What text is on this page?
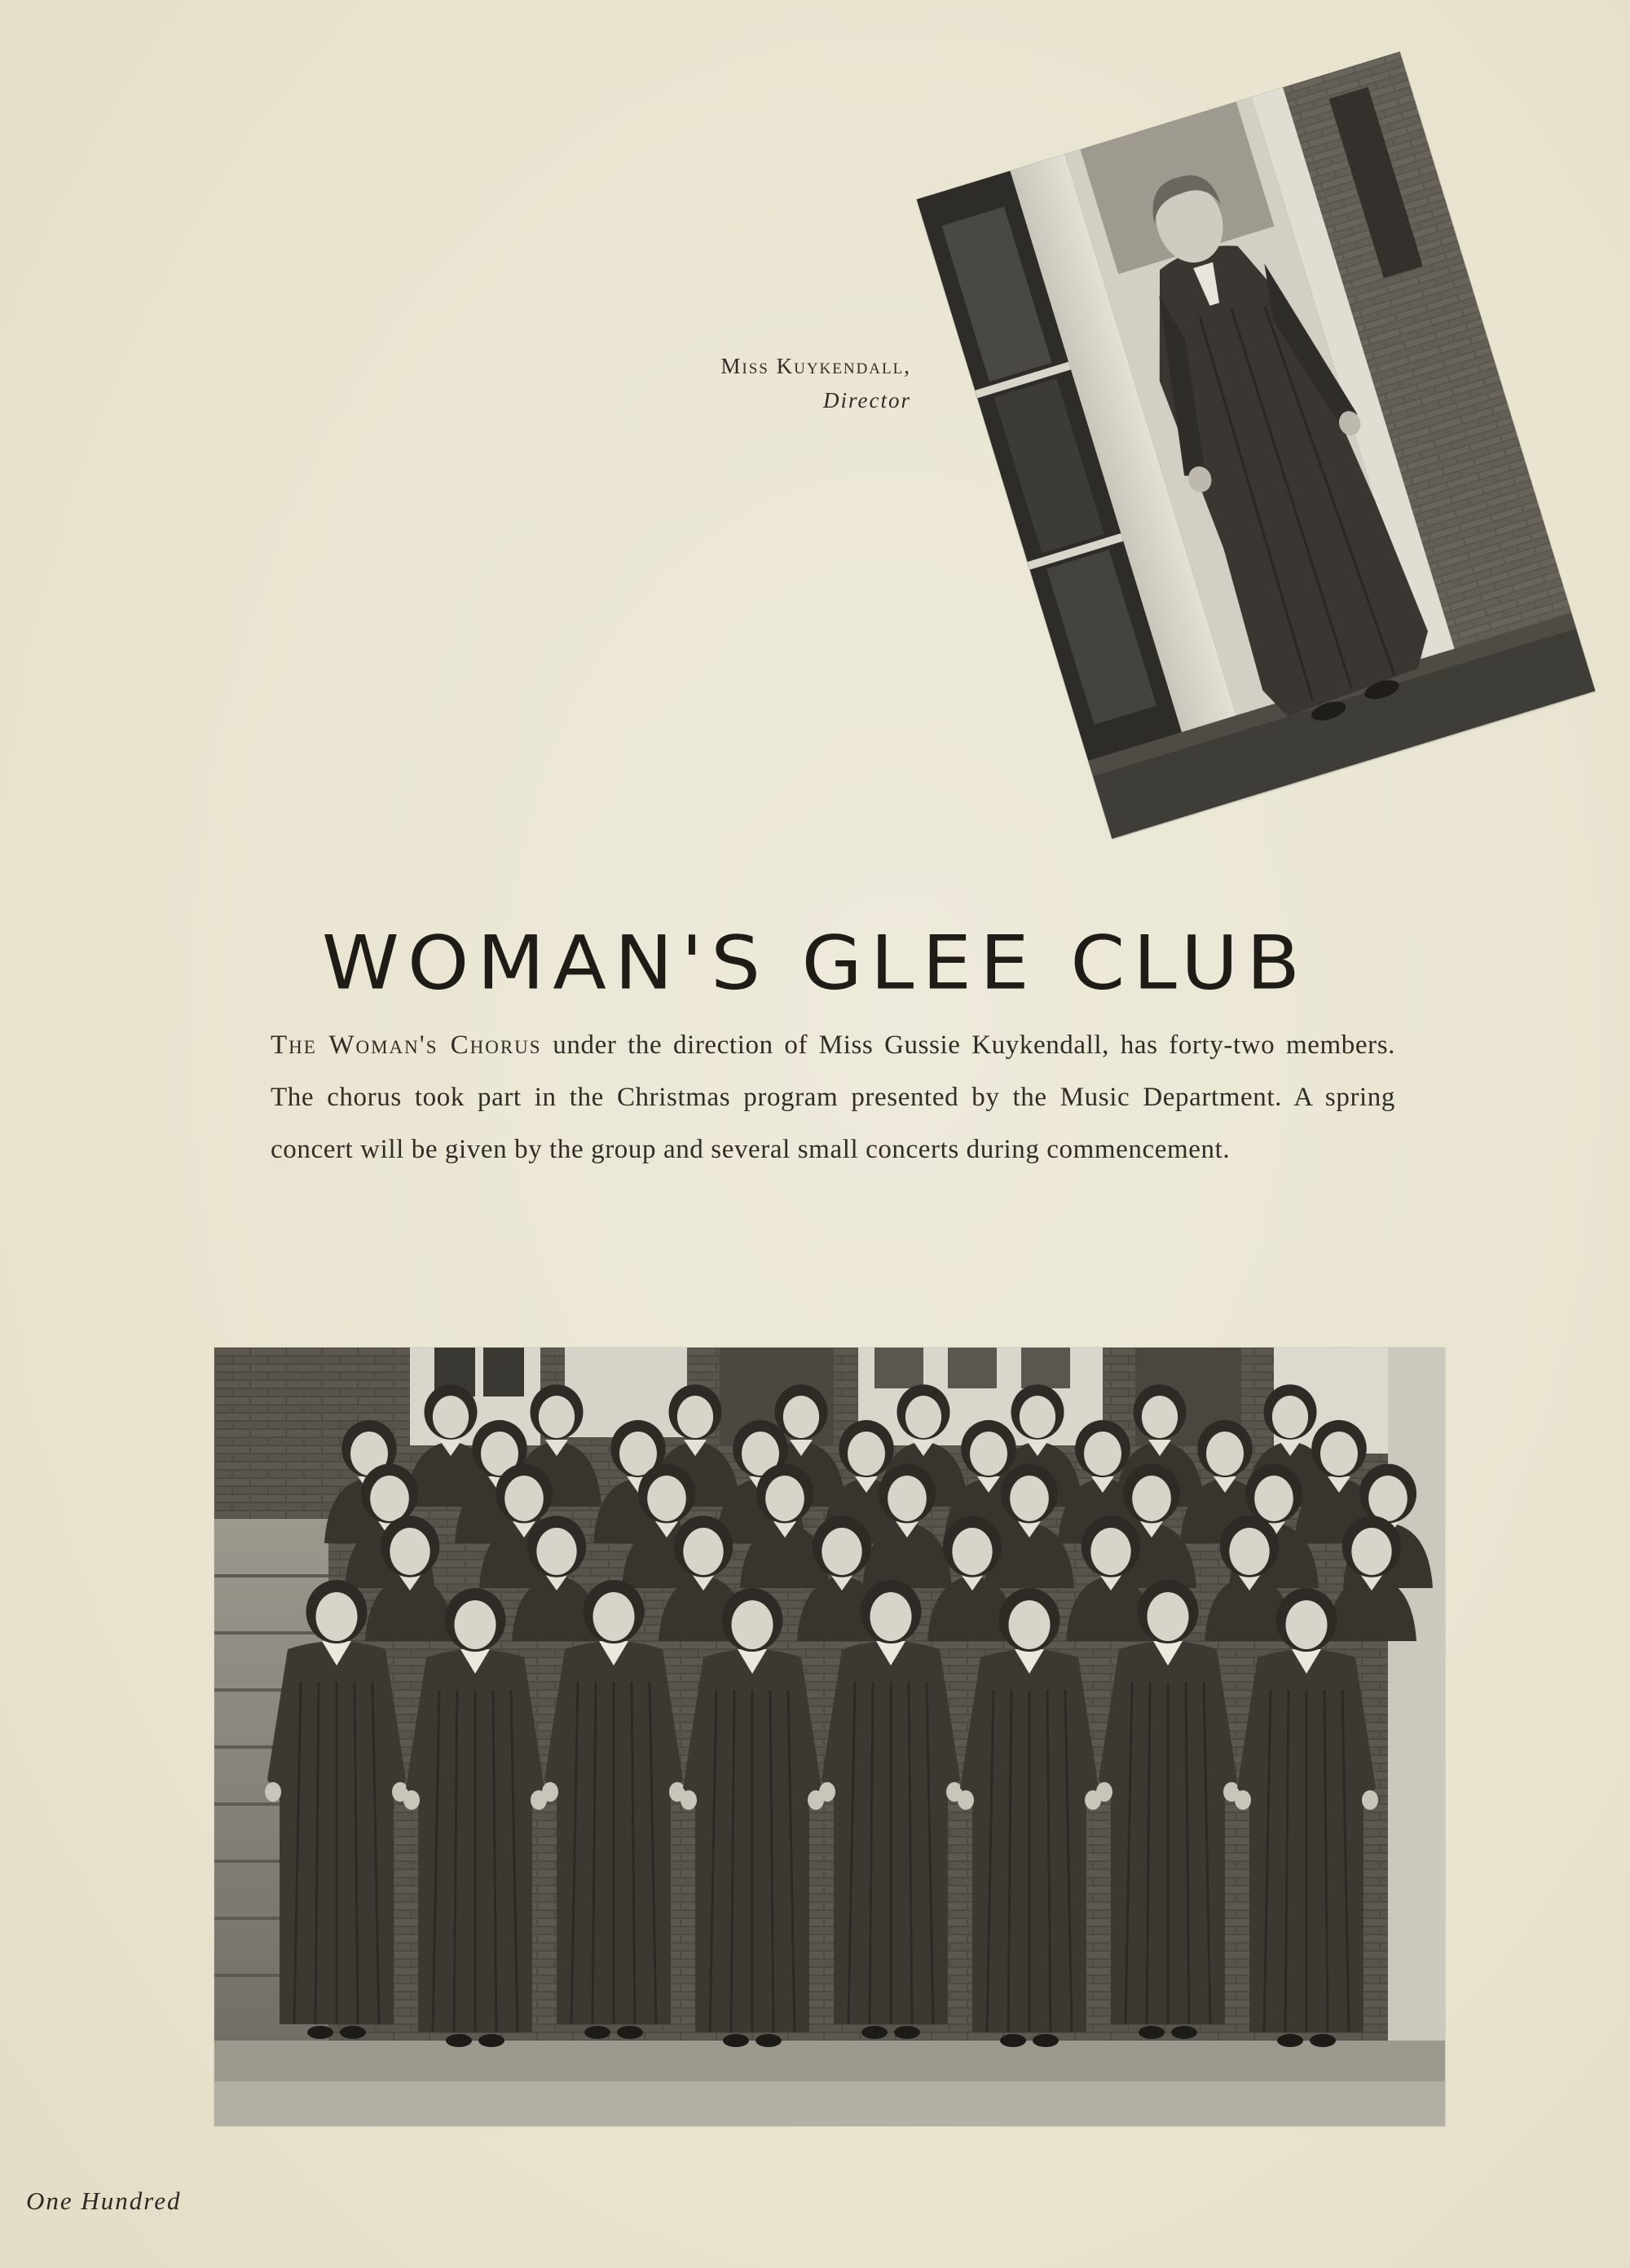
Miss Kuykendall,
Director
WOMAN'S GLEE CLUB

The Woman's Chorus under the direction of Miss Gussie Kuykendall, has forty-two members. The chorus took part in the Christmas program presented by the Music Department. A spring concert will be given by the group and several small concerts during commencement.

One Hundred
